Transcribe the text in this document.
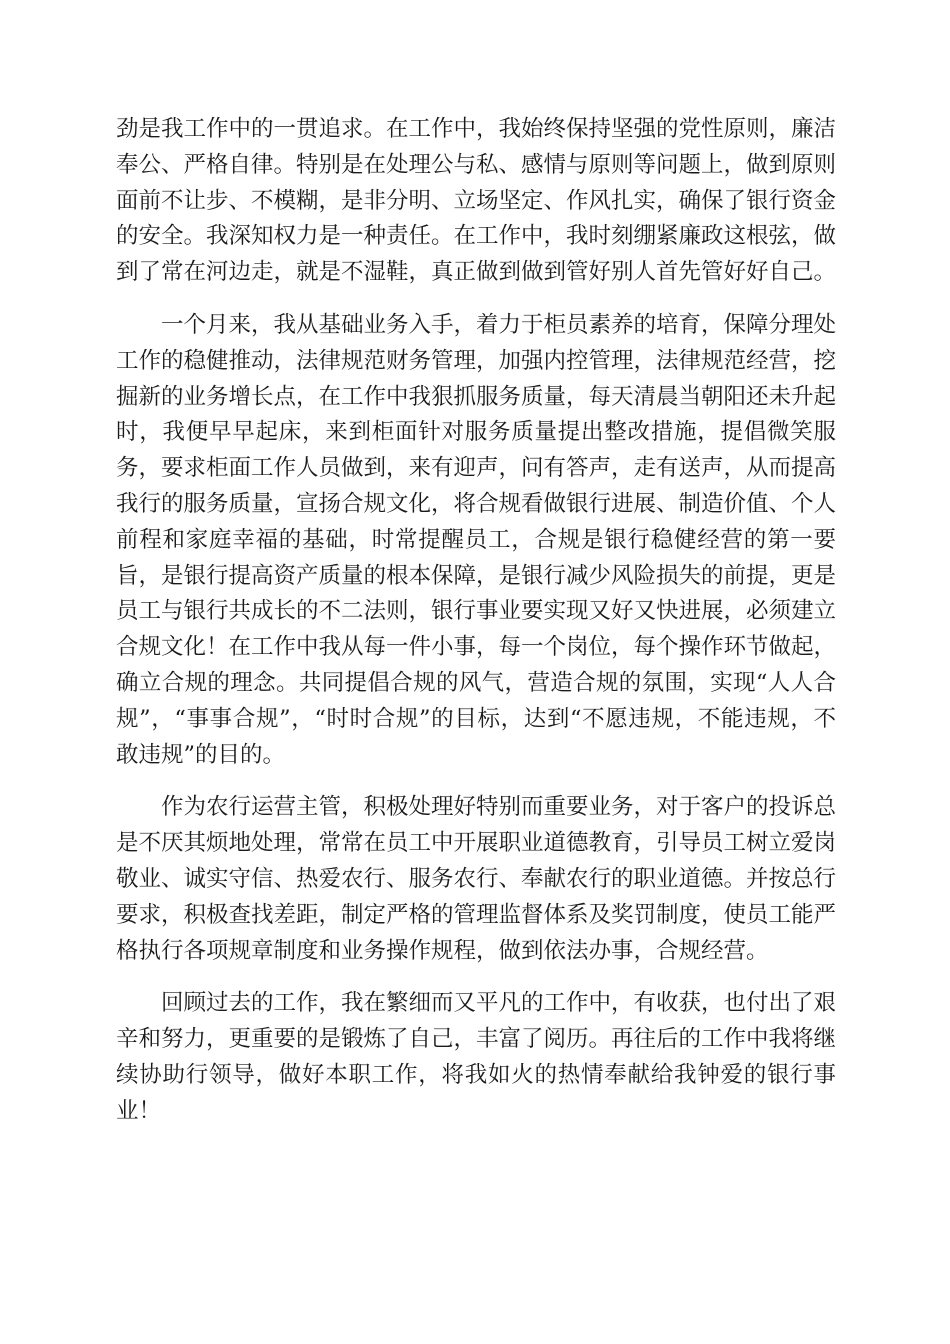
劲是我工作中的一贯追求。在工作中，我始终保持坚强的党性原则，廉洁奉公、严格自律。特别是在处理公与私、感情与原则等问题上，做到原则面前不让步、不模糊，是非分明、立场坚定、作风扎实，确保了银行资金的安全。我深知权力是一种责任。在工作中，我时刻绷紧廉政这根弦，做到了常在河边走，就是不湿鞋，真正做到做到管好别人首先管好好自己。

一个月来，我从基础业务入手，着力于柜员素养的培育，保障分理处工作的稳健推动，法律规范财务管理，加强内控管理，法律规范经营，挖掘新的业务增长点，在工作中我狠抓服务质量，每天清晨当朝阳还未升起时，我便早早起床，来到柜面针对服务质量提出整改措施，提倡微笑服务，要求柜面工作人员做到，来有迎声，问有答声，走有送声，从而提高我行的服务质量，宣扬合规文化，将合规看做银行进展、制造价值、个人前程和家庭幸福的基础，时常提醒员工，合规是银行稳健经营的第一要旨，是银行提高资产质量的根本保障，是银行减少风险损失的前提，更是员工与银行共成长的不二法则，银行事业要实现又好又快进展，必须建立合规文化！在工作中我从每一件小事，每一个岗位，每个操作环节做起，确立合规的理念。共同提倡合规的风气，营造合规的氛围，实现“人人合规”，“事事合规”，“时时合规”的目标，达到“不愿违规，不能违规，不敢违规”的目的。

作为农行运营主管，积极处理好特别而重要业务，对于客户的投诉总是不厌其烦地处理，常常在员工中开展职业道德教育，引导员工树立爱岗敬业、诚实守信、热爱农行、服务农行、奉献农行的职业道德。并按总行要求，积极查找差距，制定严格的管理监督体系及奖罚制度，使员工能严格执行各项规章制度和业务操作规程，做到依法办事，合规经营。

回顾过去的工作，我在繁细而又平凡的工作中，有收获，也付出了艰辛和努力，更重要的是锻炼了自己，丰富了阅历。再往后的工作中我将继续协助行领导，做好本职工作，将我如火的热情奉献给我钟爱的银行事业！
